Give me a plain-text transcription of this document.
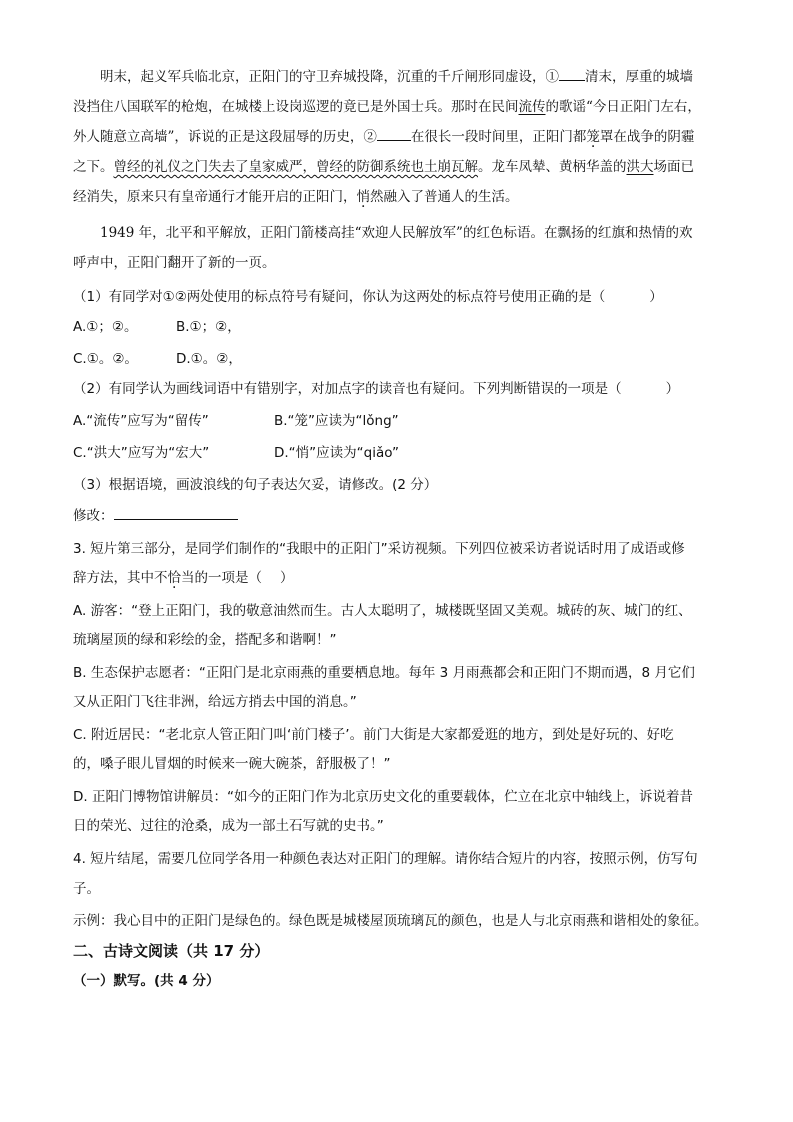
明末，起义军兵临北京，正阳门的守卫弃城投降，沉重的千斤闸形同虚设，① 清末，厚重的城墙
没挡住八国联军的枪炮，在城楼上设岗巡逻的竟已是外国士兵。那时在民间流传的歌谣“今日正阳门左右，
外人随意立高墙”，诉说的正是这段屈辱的历史，②	在很长一段时间里，正阳门都笼罩在战争的阴霾
之下。曾经的礼仪之门失去了皇家威严，曾经的防御系统也土崩瓦解。龙车凤辇、黄柄华盖的洪大场面已
经消失，原来只有皇帝通行才能开启的正阳门，悄然融入了普通人的生活。
1949 年，北平和平解放，正阳门箭楼高挂“欢迎人民解放军”的红色标语。在飘扬的红旗和热情的欢
呼声中，正阳门翻开了新的一页。
（1）有同学对①②两处使用的标点符号有疑问，你认为这两处的标点符号使用正确的是（	）
A.①；②。	B.①；②，
C.①。②。	D.①。②，
（2）有同学认为画线词语中有错别字，对加点字的读音也有疑问。下列判断错误的一项是（	）
A.“流传”应写为“留传”	B.“笼”应读为“lǒng”
C.“洪大”应写为“宏大”	D.“悄”应读为“qiǎo”
（3）根据语境，画波浪线的句子表达欠妥，请修改。(2 分）
修改：
3. 短片第三部分，是同学们制作的“我眼中的正阳门”采访视频。下列四位被采访者说话时用了成语或修
辞方法，其中不恰当的一项是（ ）
A. 游客：“登上正阳门，我的敬意油然而生。古人太聪明了，城楼既坚固又美观。城砖的灰、城门的红、
琉璃屋顶的绿和彩绘的金，搭配多和谐啊！”
B. 生态保护志愿者：“正阳门是北京雨燕的重要栖息地。每年 3 月雨燕都会和正阳门不期而遇，8 月它们
又从正阳门飞往非洲，给远方捎去中国的消息。”
C. 附近居民：“老北京人管正阳门叫‘前门楼子’。前门大街是大家都爱逛的地方，到处是好玩的、好吃
的，嗓子眼儿冒烟的时候来一碗大碗茶，舒服极了！”
D. 正阳门博物馆讲解员：“如今的正阳门作为北京历史文化的重要载体，伫立在北京中轴线上，诉说着昔
日的荣光、过往的沧桑，成为一部土石写就的史书。”
4. 短片结尾，需要几位同学各用一种颜色表达对正阳门的理解。请你结合短片的内容，按照示例，仿写句
子。
示例：我心目中的正阳门是绿色的。绿色既是城楼屋顶琉璃瓦的颜色，也是人与北京雨燕和谐相处的象征。
二、古诗文阅读（共 17 分）
（一）默写。(共 4 分）
